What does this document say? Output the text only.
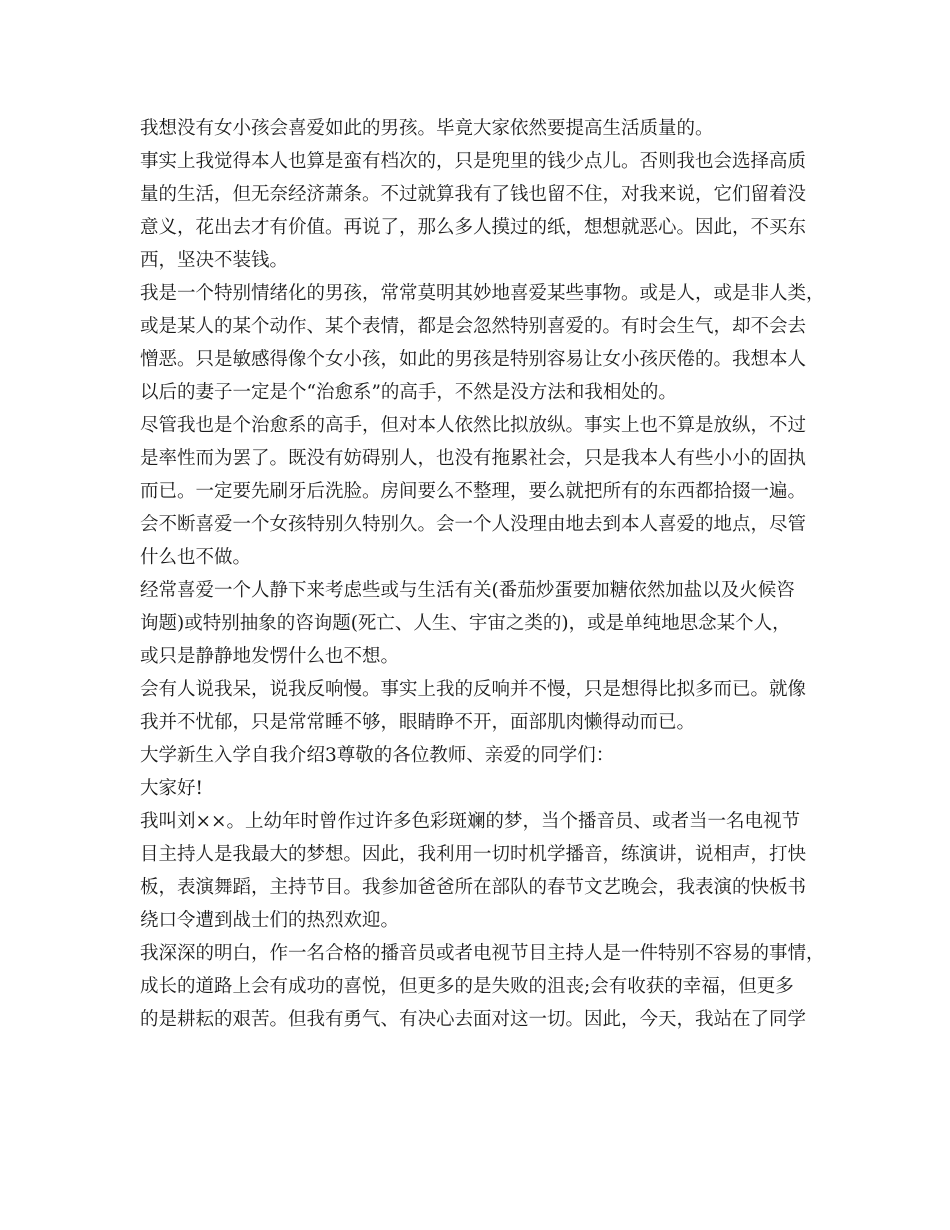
我想没有女小孩会喜爱如此的男孩。毕竟大家依然要提高生活质量的。
事实上我觉得本人也算是蛮有档次的，只是兜里的钱少点儿。否则我也会选择高质
量的生活，但无奈经济萧条。不过就算我有了钱也留不住，对我来说，它们留着没
意义，花出去才有价值。再说了，那么多人摸过的纸，想想就恶心。因此，不买东
西，坚决不装钱。
我是一个特别情绪化的男孩，常常莫明其妙地喜爱某些事物。或是人，或是非人类，
或是某人的某个动作、某个表情，都是会忽然特别喜爱的。有时会生气，却不会去
憎恶。只是敏感得像个女小孩，如此的男孩是特别容易让女小孩厌倦的。我想本人
以后的妻子一定是个“治愈系”的高手，不然是没方法和我相处的。
尽管我也是个治愈系的高手，但对本人依然比拟放纵。事实上也不算是放纵，不过
是率性而为罢了。既没有妨碍别人，也没有拖累社会，只是我本人有些小小的固执
而已。一定要先刷牙后洗脸。房间要么不整理，要么就把所有的东西都拾掇一遍。
会不断喜爱一个女孩特别久特别久。会一个人没理由地去到本人喜爱的地点，尽管
什么也不做。
经常喜爱一个人静下来考虑些或与生活有关(番茄炒蛋要加糖依然加盐以及火候咨
询题)或特别抽象的咨询题(死亡、人生、宇宙之类的)，或是单纯地思念某个人，
或只是静静地发愣什么也不想。
会有人说我呆，说我反响慢。事实上我的反响并不慢，只是想得比拟多而已。就像
我并不忧郁，只是常常睡不够，眼睛睁不开，面部肌肉懒得动而已。
大学新生入学自我介绍3尊敬的各位教师、亲爱的同学们：
大家好!
我叫刘××。上幼年时曾作过许多色彩斑斓的梦，当个播音员、或者当一名电视节
目主持人是我最大的梦想。因此，我利用一切时机学播音，练演讲，说相声，打快
板，表演舞蹈，主持节目。我参加爸爸所在部队的春节文艺晚会，我表演的快板书
绕口令遭到战士们的热烈欢迎。
我深深的明白，作一名合格的播音员或者电视节目主持人是一件特别不容易的事情，
成长的道路上会有成功的喜悦，但更多的是失败的沮丧;会有收获的幸福，但更多
的是耕耘的艰苦。但我有勇气、有决心去面对这一切。因此，今天，我站在了同学
